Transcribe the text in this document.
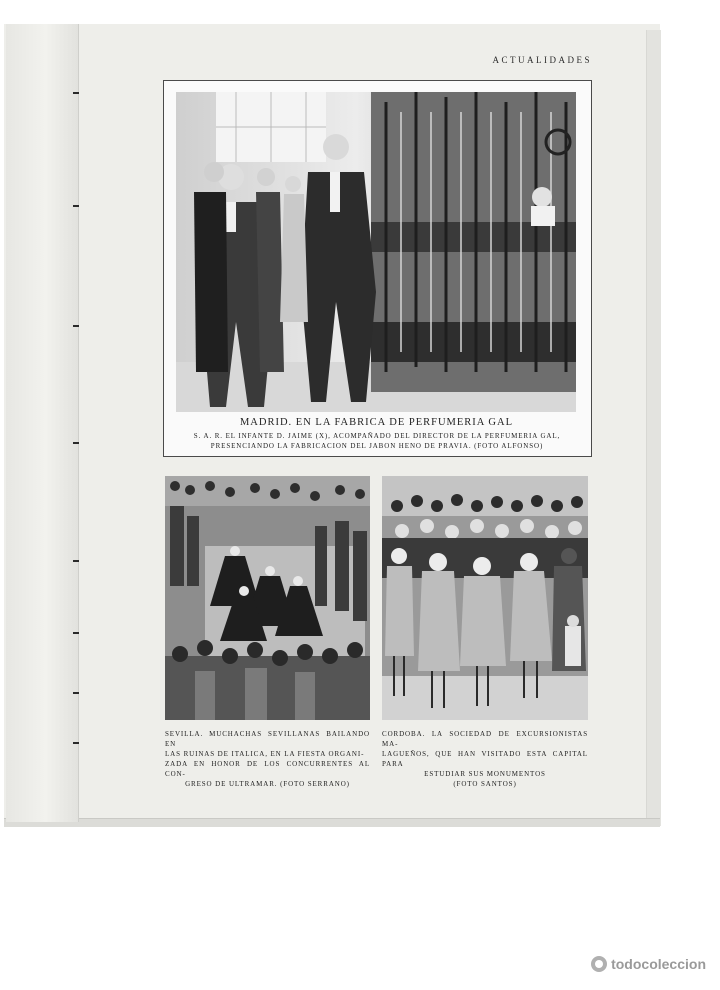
ACTUALIDADES
MADRID. EN LA FABRICA DE PERFUMERIA GAL
S. A. R. EL INFANTE D. JAIME (X), ACOMPAÑADO DEL DIRECTOR DE LA PERFUMERIA GAL,
PRESENCIANDO LA FABRICACION DEL JABON HENO DE PRAVIA. (FOTO ALFONSO)
SEVILLA. MUCHACHAS SEVILLANAS BAILANDO EN
LAS RUINAS DE ITALICA, EN LA FIESTA ORGANI-
ZADA EN HONOR DE LOS CONCURRENTES AL CON-
GRESO DE ULTRAMAR. (FOTO SERRANO)
CORDOBA. LA SOCIEDAD DE EXCURSIONISTAS MA-
LAGUEÑOS, QUE HAN VISITADO ESTA CAPITAL PARA
ESTUDIAR SUS MONUMENTOS
(FOTO SANTOS)
todocoleccion
